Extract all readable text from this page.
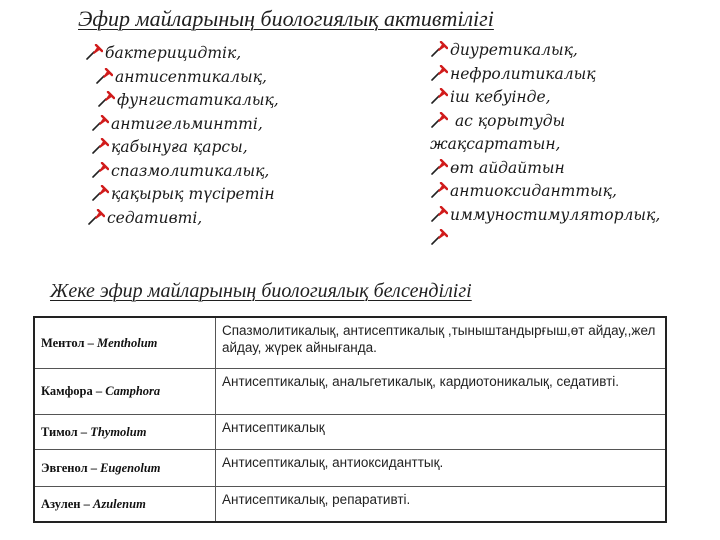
Эфир майларының биологиялық активтілігі
бактерицидтік,
антисептикалық,
фунгистатикалық,
антигельминтті,
қабынуға қарсы,
спазмолитикалық,
қақырық түсіретін
седативті,
диуретикалық,
нефролитикалық
іш кебуінде,
ас қорытуды
жақсартатын,
өт айдайтын
антиоксиданттық,
иммуностимуляторлық,
Жеке эфир майларының биологиялық белсенділігі
Ментол – Mentholum	Спазмолитикалық, антисептикалық ,тыныштандырғыш,өт айдау,,жел айдау, жүрек айнығанда.
Камфора – Camphora	Антисептикалық, анальгетикалық, кардиотоникалық, седативті.
Тимол – Thymolum	Антисептикалық
Эвгенол – Eugenolum	Антисептикалық, антиоксиданттық.
Азулен – Azulenum	Антисептикалық, репаративті.
